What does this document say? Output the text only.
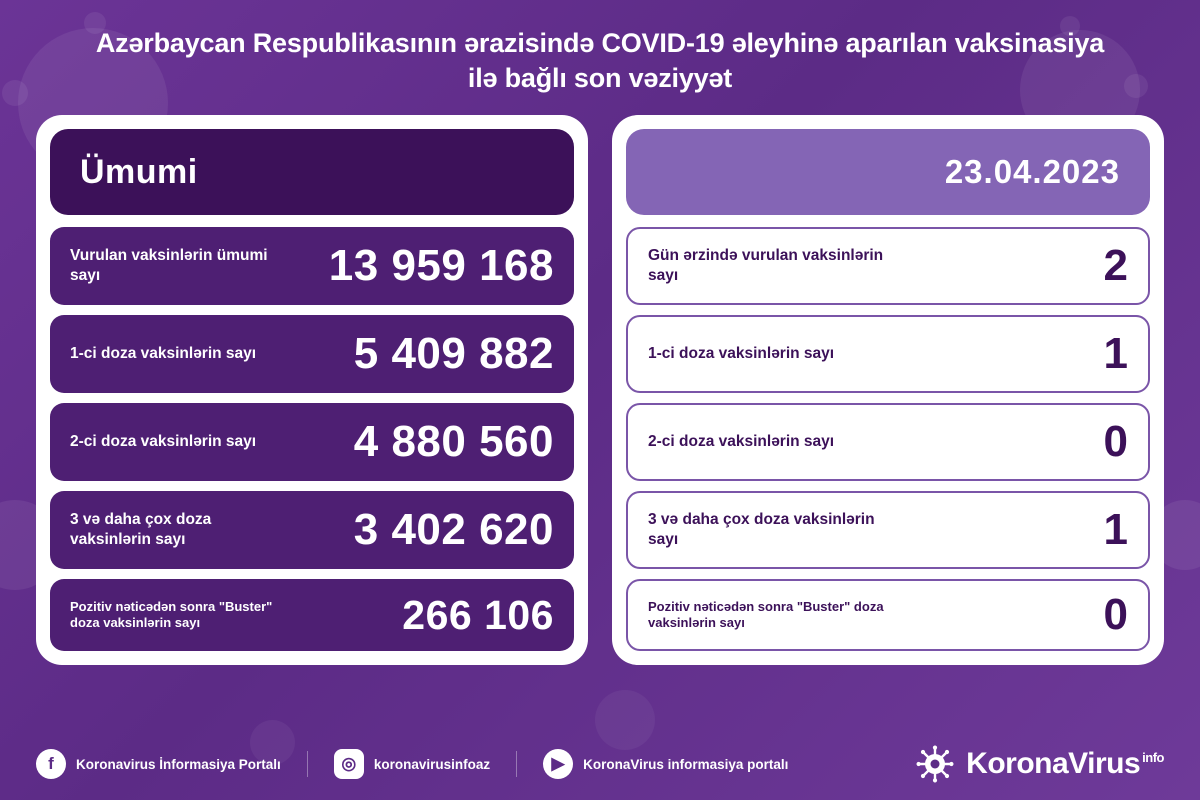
Azərbaycan Respublikasının ərazisində COVID-19 əleyhinə aparılan vaksinasiya ilə bağlı son vəziyyət
Ümumi
Vurulan vaksinlərin ümumi sayı	13 959 168
1-ci doza vaksinlərin sayı 5 409 882
2-ci doza vaksinlərin sayı 4 880 560
3 və daha çox doza vaksinlərin sayı	3 402 620
Pozitiv nəticədən sonra "Buster" doza vaksinlərin sayı	266 106
23.04.2023
Gün ərzində vurulan vaksinlərin sayı	2
1-ci doza vaksinlərin sayı	1
2-ci doza vaksinlərin sayı	0
3 və daha çox doza vaksinlərin sayı	1
Pozitiv nəticədən sonra "Buster" doza vaksinlərin sayı	0
f	Koronavirus İnformasiya Portalı	◎	koronavirusinfoaz	▶	KoronaVirus informasiya portalı	KoronaVirus $^{info}$
